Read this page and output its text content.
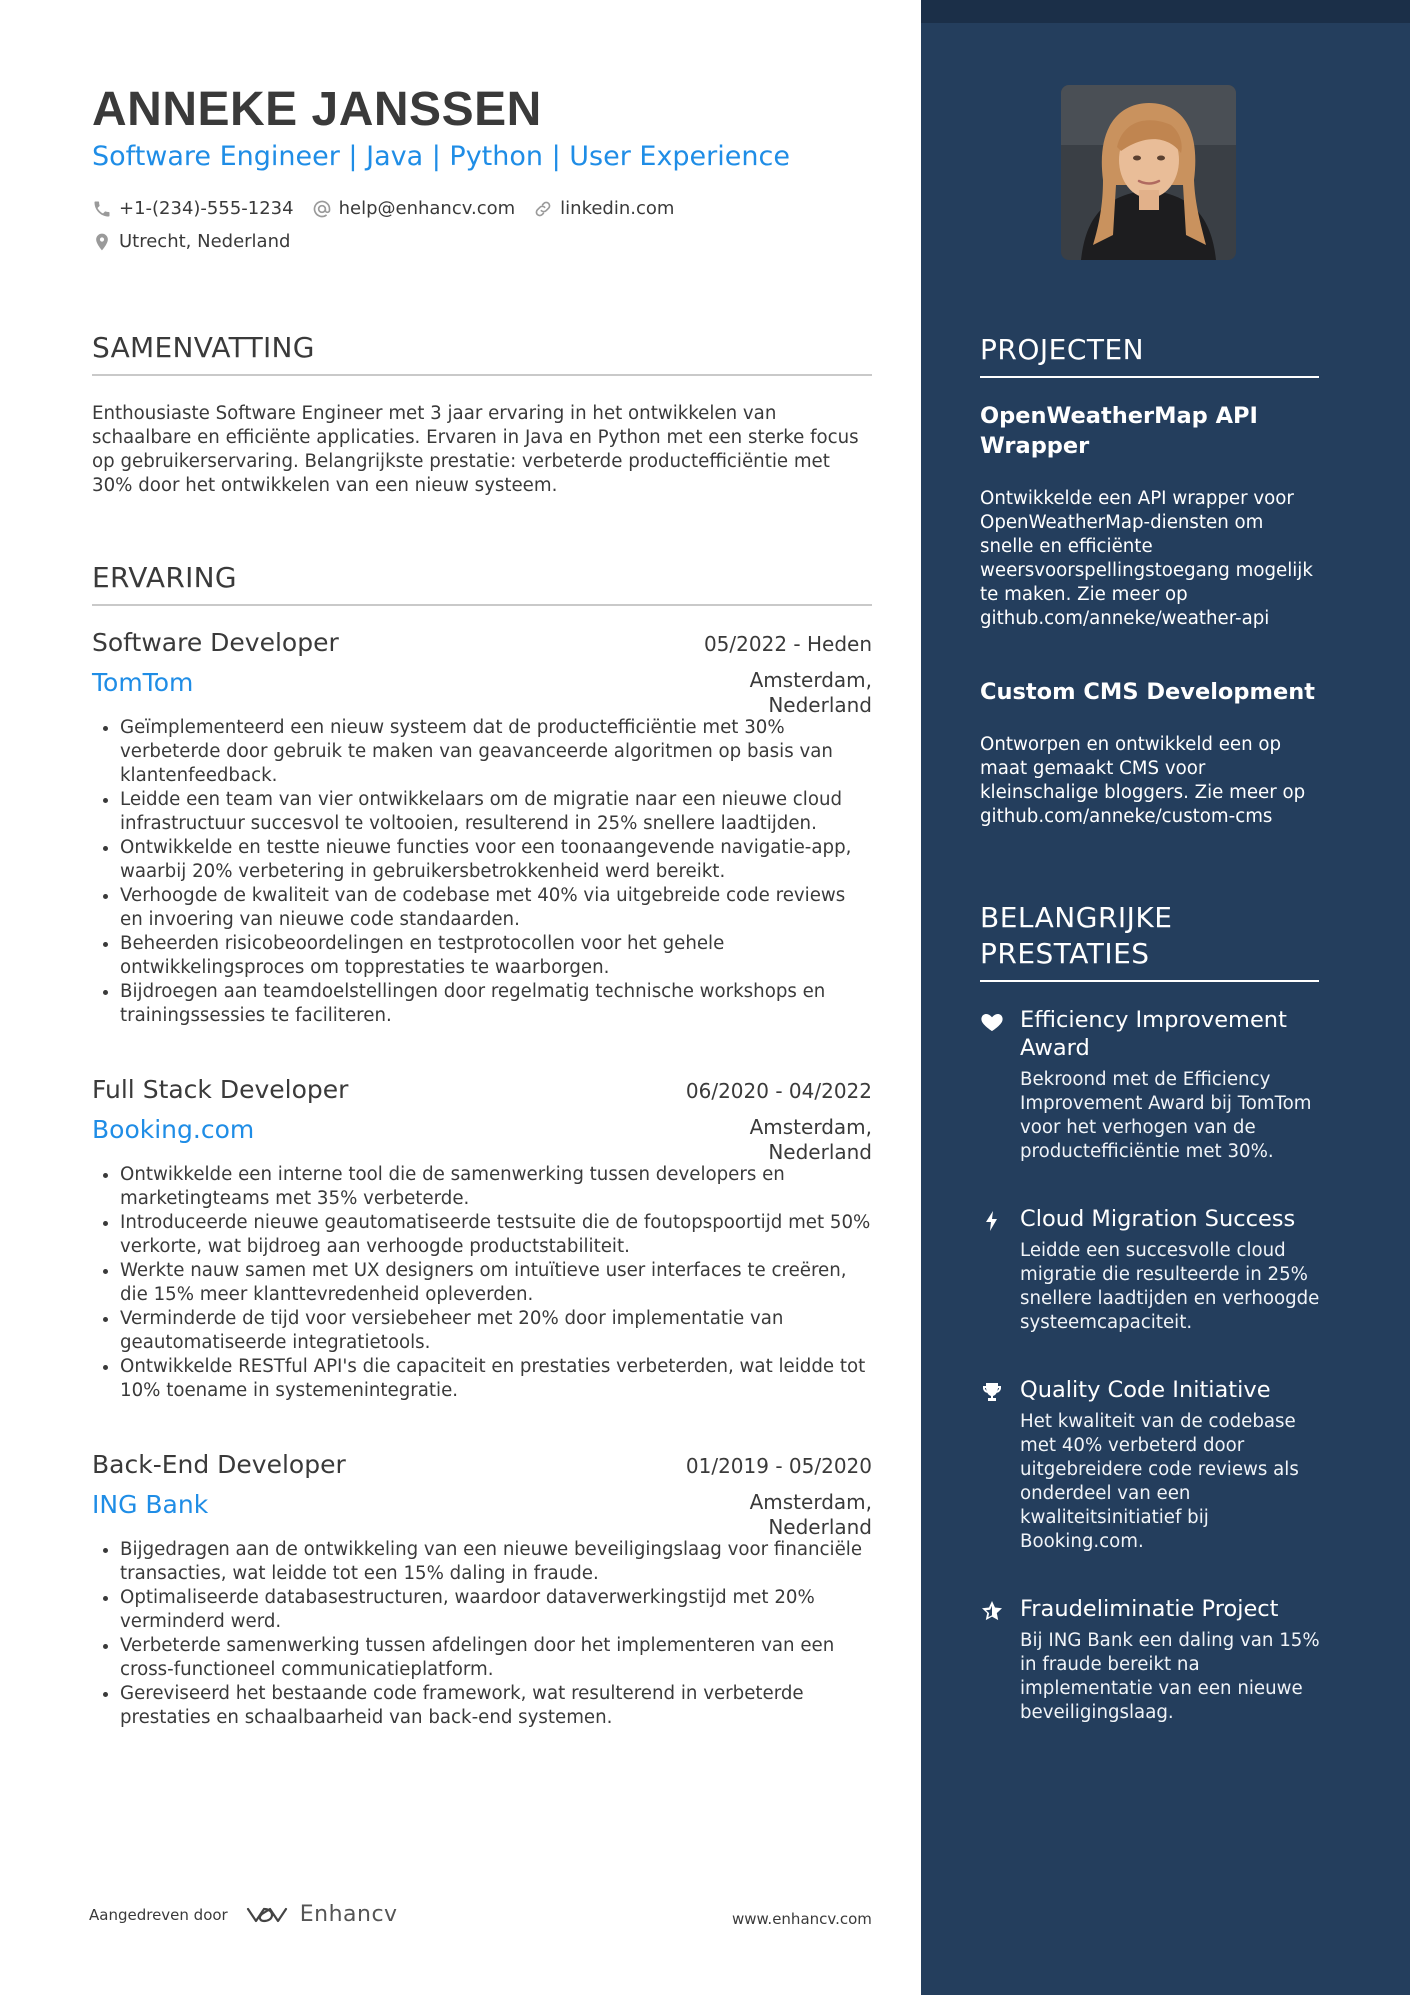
ANNEKE JANSSEN
Software Engineer | Java | Python | User Experience
+1-(234)-555-1234	help@enhancv.com	linkedin.com
Utrecht, Nederland
SAMENVATTING

Enthousiaste Software Engineer met 3 jaar ervaring in het ontwikkelen van schaalbare en efficiënte applicaties. Ervaren in Java en Python met een sterke focus op gebruikerservaring. Belangrijkste prestatie: verbeterde productefficiëntie met 30% door het ontwikkelen van een nieuw systeem.

ERVARING
Software Developer	05/2022 - Heden
TomTom	Amsterdam, Nederland
• Geïmplementeerd een nieuw systeem dat de productefficiëntie met 30% verbeterde door gebruik te maken van geavanceerde algoritmen op basis van klantenfeedback.
• Leidde een team van vier ontwikkelaars om de migratie naar een nieuwe cloud infrastructuur succesvol te voltooien, resulterend in 25% snellere laadtijden.
• Ontwikkelde en testte nieuwe functies voor een toonaangevende navigatie-app, waarbij 20% verbetering in gebruikersbetrokkenheid werd bereikt.
• Verhoogde de kwaliteit van de codebase met 40% via uitgebreide code reviews en invoering van nieuwe code standaarden.
• Beheerden risicobeoordelingen en testprotocollen voor het gehele ontwikkelingsproces om topprestaties te waarborgen.
• Bijdroegen aan teamdoelstellingen door regelmatig technische workshops en trainingssessies te faciliteren.
Full Stack Developer	06/2020 - 04/2022
Booking.com	Amsterdam, Nederland
• Ontwikkelde een interne tool die de samenwerking tussen developers en marketingteams met 35% verbeterde.
• Introduceerde nieuwe geautomatiseerde testsuite die de foutopspoortijd met 50% verkorte, wat bijdroeg aan verhoogde productstabiliteit.
• Werkte nauw samen met UX designers om intuïtieve user interfaces te creëren, die 15% meer klanttevredenheid opleverden.
• Verminderde de tijd voor versiebeheer met 20% door implementatie van geautomatiseerde integratietools.
• Ontwikkelde RESTful API's die capaciteit en prestaties verbeterden, wat leidde tot 10% toename in systemenintegratie.
Back-End Developer	01/2019 - 05/2020
ING Bank	Amsterdam, Nederland
• Bijgedragen aan de ontwikkeling van een nieuwe beveiligingslaag voor financiële transacties, wat leidde tot een 15% daling in fraude.
• Optimaliseerde databasestructuren, waardoor dataverwerkingstijd met 20% verminderd werd.
• Verbeterde samenwerking tussen afdelingen door het implementeren van een cross-functioneel communicatieplatform.
• Gereviseerd het bestaande code framework, wat resulterend in verbeterde prestaties en schaalbaarheid van back-end systemen.
Aangedreven door	Enhancv	www.enhancv.com
PROJECTEN
OpenWeatherMap API Wrapper
Ontwikkelde een API wrapper voor OpenWeatherMap-diensten om snelle en efficiënte weersvoorspellingstoegang mogelijk te maken. Zie meer op github.com/anneke/weather-api
Custom CMS Development
Ontworpen en ontwikkeld een op maat gemaakt CMS voor kleinschalige bloggers. Zie meer op github.com/anneke/custom-cms
BELANGRIJKE PRESTATIES
Efficiency Improvement Award
Bekroond met de Efficiency Improvement Award bij TomTom voor het verhogen van de productefficiëntie met 30%.
Cloud Migration Success
Leidde een succesvolle cloud migratie die resulteerde in 25% snellere laadtijden en verhoogde systeemcapaciteit.
Quality Code Initiative
Het kwaliteit van de codebase met 40% verbeterd door uitgebreidere code reviews als onderdeel van een kwaliteitsinitiatief bij Booking.com.
Fraudeliminatie Project
Bij ING Bank een daling van 15% in fraude bereikt na implementatie van een nieuwe beveiligingslaag.
